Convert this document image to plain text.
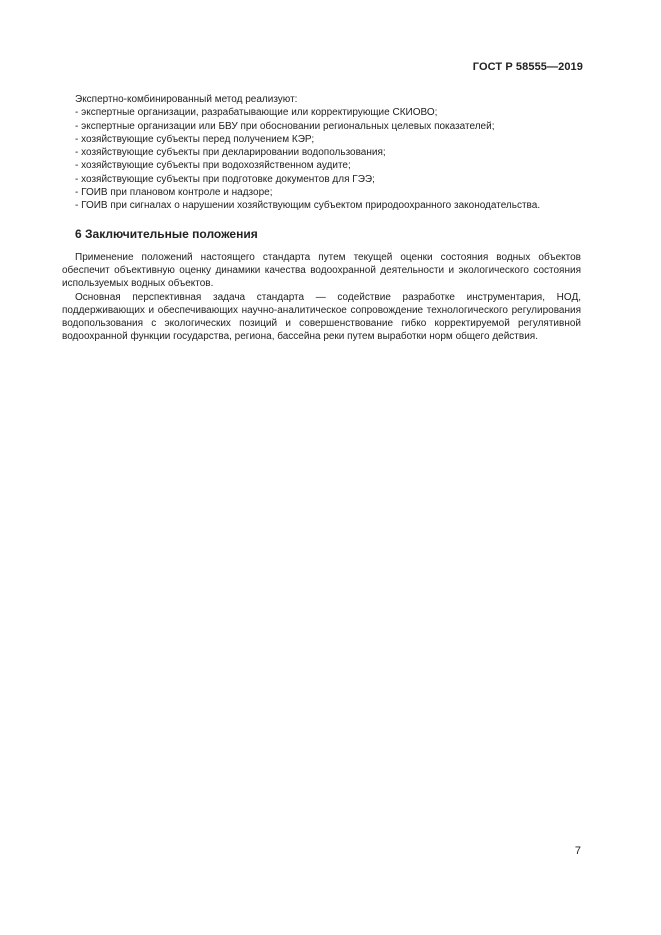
ГОСТ Р 58555—2019
Экспертно-комбинированный метод реализуют:
- экспертные организации, разрабатывающие или корректирующие СКИОВО;
- экспертные организации или БВУ при обосновании региональных целевых показателей;
- хозяйствующие субъекты перед получением КЭР;
- хозяйствующие субъекты при декларировании водопользования;
- хозяйствующие субъекты при водохозяйственном аудите;
- хозяйствующие субъекты при подготовке документов для ГЭЭ;
- ГОИВ при плановом контроле и надзоре;
- ГОИВ при сигналах о нарушении хозяйствующим субъектом природоохранного законодательства.
6 Заключительные положения
Применение положений настоящего стандарта путем текущей оценки состояния водных объектов обеспечит объективную оценку динамики качества водоохранной деятельности и экологического состояния используемых водных объектов.
Основная перспективная задача стандарта — содействие разработке инструментария, НОД, поддерживающих и обеспечивающих научно-аналитическое сопровождение технологического регулирования водопользования с экологических позиций и совершенствование гибко корректируемой регулятивной водоохранной функции государства, региона, бассейна реки путем выработки норм общего действия.
7
